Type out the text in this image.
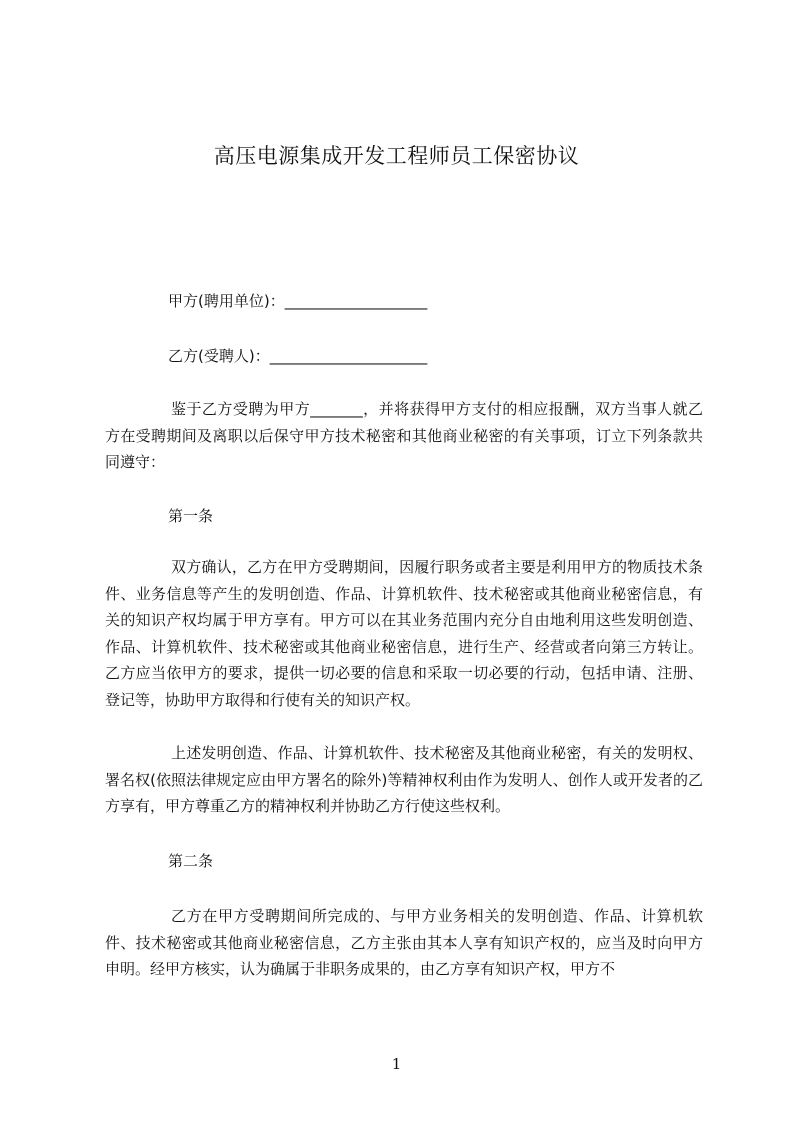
高压电源集成开发工程师员工保密协议
甲方(聘用单位)：___________________
乙方(受聘人)：_____________________
鉴于乙方受聘为甲方_______，并将获得甲方支付的相应报酬，双方当事人就乙方在受聘期间及离职以后保守甲方技术秘密和其他商业秘密的有关事项，订立下列条款共同遵守：
第一条
双方确认，乙方在甲方受聘期间，因履行职务或者主要是利用甲方的物质技术条件、业务信息等产生的发明创造、作品、计算机软件、技术秘密或其他商业秘密信息，有关的知识产权均属于甲方享有。甲方可以在其业务范围内充分自由地利用这些发明创造、作品、计算机软件、技术秘密或其他商业秘密信息，进行生产、经营或者向第三方转让。乙方应当依甲方的要求，提供一切必要的信息和采取一切必要的行动，包括申请、注册、登记等，协助甲方取得和行使有关的知识产权。
上述发明创造、作品、计算机软件、技术秘密及其他商业秘密，有关的发明权、署名权(依照法律规定应由甲方署名的除外)等精神权利由作为发明人、创作人或开发者的乙方享有，甲方尊重乙方的精神权利并协助乙方行使这些权利。
第二条
乙方在甲方受聘期间所完成的、与甲方业务相关的发明创造、作品、计算机软件、技术秘密或其他商业秘密信息，乙方主张由其本人享有知识产权的，应当及时向甲方申明。经甲方核实，认为确属于非职务成果的，由乙方享有知识产权，甲方不
1
